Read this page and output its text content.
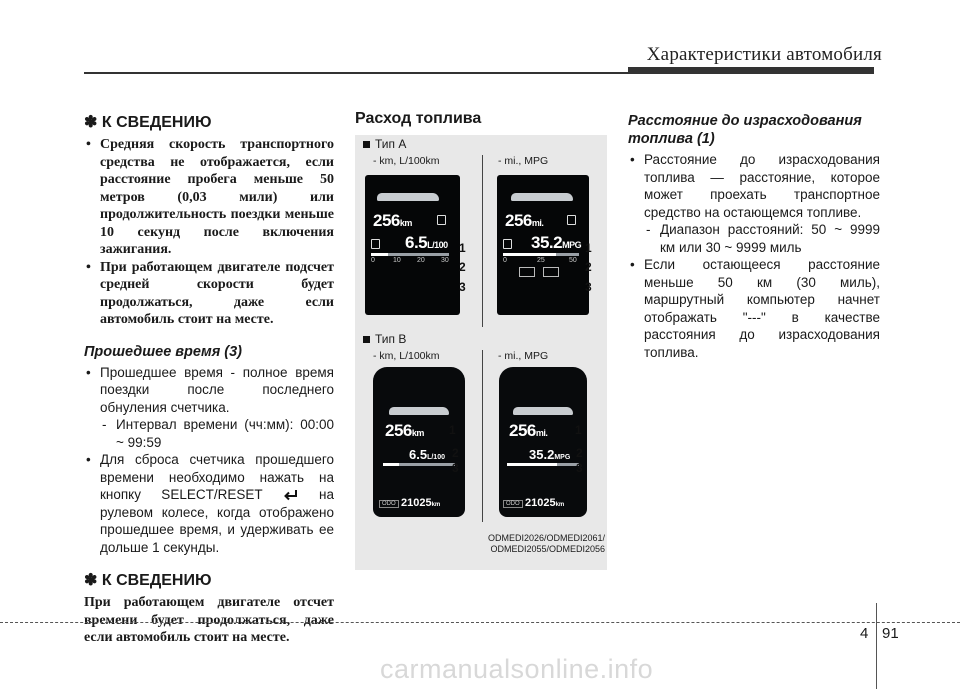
Характеристики автомобиля
✽ К СВЕДЕНИЮ
• Средняя скорость транспортного средства не отображается, если расстояние пробега меньше 50 метров (0,03 мили) или продолжительность поездки меньше 10 секунд после включения зажигания.
• При работающем двигателе подсчет средней скорости будет продолжаться, даже если автомобиль стоит на месте.
Прошедшее время (3)
• Прошедшее время - полное время поездки после последнего обнуления счетчика.
- Интервал времени (чч:мм): 00:00 ~ 99:59
• Для сброса счетчика прошедшего времени необходимо нажать на кнопку SELECT/RESET	на рулевом колесе, когда отображено прошедшее время, и удерживать ее дольше 1 секунды.
✽ К СВЕДЕНИЮ
При работающем двигателе отсчет времени будет продолжаться, даже если автомобиль стоит на месте.
Расход топлива
Тип A
- km, L/100km	- mi., MPG
256km
6.5L/100
0	10 20 30
256mi.
35.2MPG
0	25	50
1
2
3
1
2
3
Тип B
- km, L/100km	- mi., MPG
256km
6.5L/100
ODO 21025km
256mi.
35.2MPG
ODO 21025km
1
2
3
1
2
3
ODMEDI2026/ODMEDI2061/
ODMEDI2055/ODMEDI2056
Расстояние до израсходования топлива (1)
• Расстояние до израсходования топлива — расстояние, которое может проехать транспортное средство на остающемся топливе.
- Диапазон расстояний: 50 ~ 9999 км или 30 ~ 9999 миль
• Если остающееся расстояние меньше 50 км (30 миль), маршрутный компьютер начнет отображать "---" в качестве расстояния до израсходования топлива.
4 91
carmanualsonline.info
